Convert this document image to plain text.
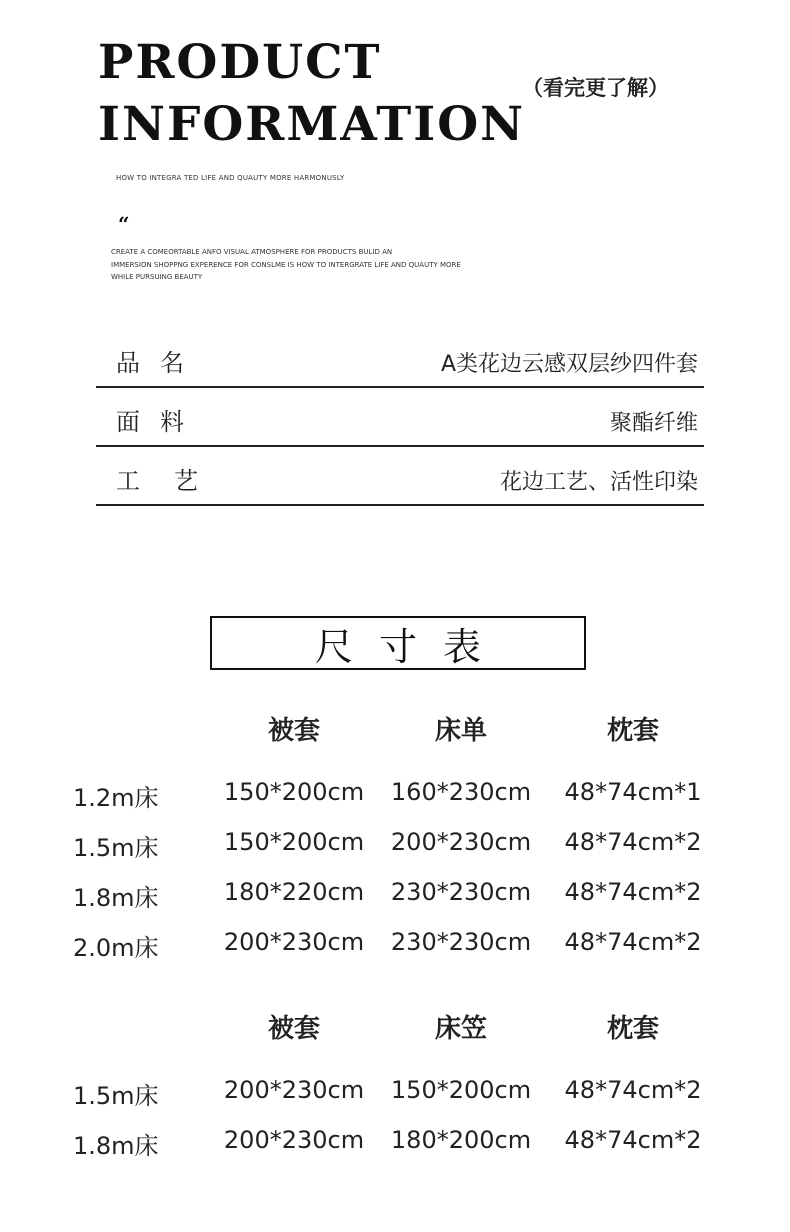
PRODUCT
INFORMATION
（看完更了解）
HOW TO INTEGRA TED LIFE AND QUAUTY MORE HARMONUSLY
“
CREATE A COMEORTABLE ANFO VISUAL ATMOSPHERE FOR PRODUCTS BULID AN
IMMERSION SHOPPNG EXPERENCE FOR CONSLME IS HOW TO INTERGRATE LIFE AND QUAUTY MORE
WHILE PURSUING BEAUTY
品名	A类花边云感双层纱四件套
面料	聚酯纤维
工艺	花边工艺、活性印染
尺寸表
被套	床单	枕套
1.2m床	150*200cm 160*230cm 48*74cm*1
1.5m床	150*200cm 200*230cm 48*74cm*2
1.8m床	180*220cm 230*230cm 48*74cm*2
2.0m床	200*230cm 230*230cm 48*74cm*2
被套	床笠	枕套
1.5m床	200*230cm 150*200cm 48*74cm*2
1.8m床	200*230cm 180*200cm 48*74cm*2
